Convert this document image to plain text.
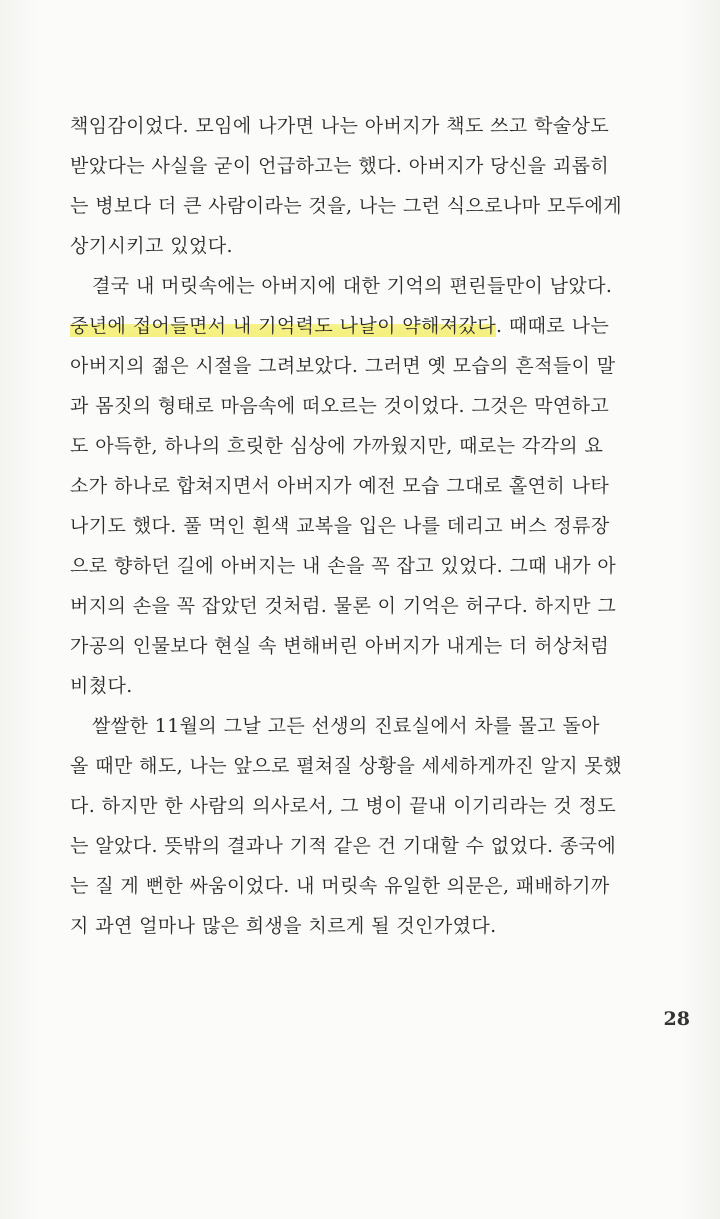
책임감이었다. 모임에 나가면 나는 아버지가 책도 쓰고 학술상도
받았다는 사실을 굳이 언급하고는 했다. 아버지가 당신을 괴롭히
는 병보다 더 큰 사람이라는 것을, 나는 그런 식으로나마 모두에게
상기시키고 있었다.
결국 내 머릿속에는 아버지에 대한 기억의 편린들만이 남았다.
중년에 접어들면서 내 기억력도 나날이 약해져갔다. 때때로 나는
아버지의 젊은 시절을 그려보았다. 그러면 옛 모습의 흔적들이 말
과 몸짓의 형태로 마음속에 떠오르는 것이었다. 그것은 막연하고
도 아득한, 하나의 흐릿한 심상에 가까웠지만, 때로는 각각의 요
소가 하나로 합쳐지면서 아버지가 예전 모습 그대로 홀연히 나타
나기도 했다. 풀 먹인 흰색 교복을 입은 나를 데리고 버스 정류장
으로 향하던 길에 아버지는 내 손을 꼭 잡고 있었다. 그때 내가 아
버지의 손을 꼭 잡았던 것처럼. 물론 이 기억은 허구다. 하지만 그
가공의 인물보다 현실 속 변해버린 아버지가 내게는 더 허상처럼
비쳤다.
쌀쌀한 11월의 그날 고든 선생의 진료실에서 차를 몰고 돌아
올 때만 해도, 나는 앞으로 펼쳐질 상황을 세세하게까진 알지 못했
다. 하지만 한 사람의 의사로서, 그 병이 끝내 이기리라는 것 정도
는 알았다. 뜻밖의 결과나 기적 같은 건 기대할 수 없었다. 종국에
는 질 게 뻔한 싸움이었다. 내 머릿속 유일한 의문은, 패배하기까
지 과연 얼마나 많은 희생을 치르게 될 것인가였다.
28
